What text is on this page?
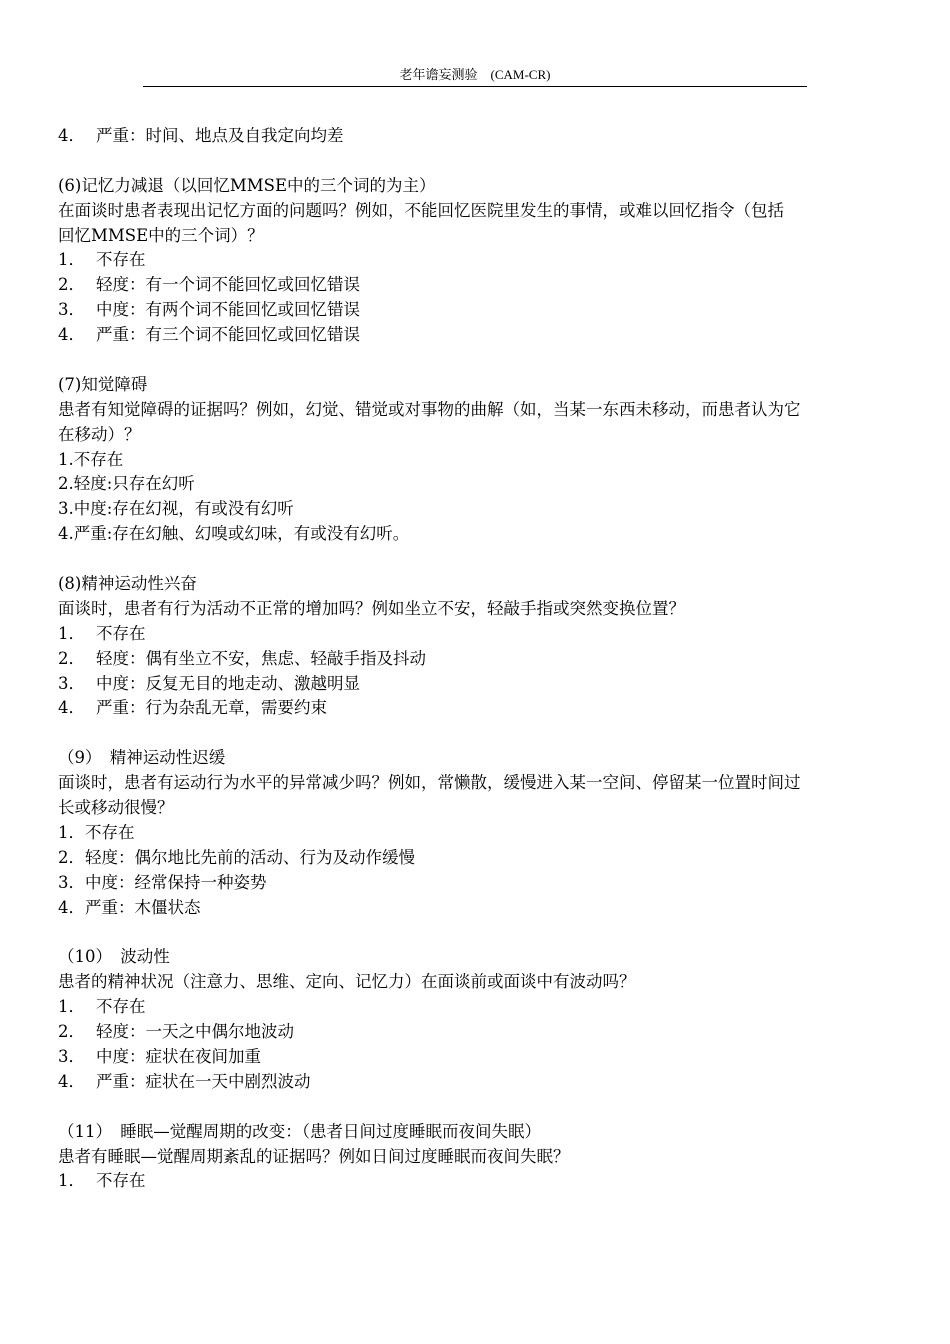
老年谵妄测验　(CAM-CR)
4． 严重：时间、地点及自我定向均差
(6)记忆力减退（以回忆MMSE中的三个词的为主）
在面谈时患者表现出记忆方面的问题吗？例如，不能回忆医院里发生的事情，或难以回忆指令（包括
回忆MMSE中的三个词）？
1． 不存在
2． 轻度：有一个词不能回忆或回忆错误
3． 中度：有两个词不能回忆或回忆错误
4． 严重：有三个词不能回忆或回忆错误
(7)知觉障碍
患者有知觉障碍的证据吗？例如，幻觉、错觉或对事物的曲解（如，当某一东西未移动，而患者认为它
在移动）？
1.不存在
2.轻度:只存在幻听
3.中度:存在幻视，有或没有幻听
4.严重:存在幻触、幻嗅或幻味，有或没有幻听。
(8)精神运动性兴奋
面谈时，患者有行为活动不正常的增加吗？例如坐立不安，轻敲手指或突然变换位置？
1． 不存在
2． 轻度：偶有坐立不安，焦虑、轻敲手指及抖动
3． 中度：反复无目的地走动、激越明显
4． 严重：行为杂乱无章，需要约束
（9）　精神运动性迟缓
面谈时，患者有运动行为水平的异常减少吗？例如，常懒散，缓慢进入某一空间、停留某一位置时间过
长或移动很慢？
1．不存在
2．轻度：偶尔地比先前的活动、行为及动作缓慢
3．中度：经常保持一种姿势
4．严重：木僵状态
（10）　波动性
患者的精神状况（注意力、思维、定向、记忆力）在面谈前或面谈中有波动吗？
1． 不存在
2． 轻度：一天之中偶尔地波动
3． 中度：症状在夜间加重
4． 严重：症状在一天中剧烈波动
（11）　睡眠—觉醒周期的改变：（患者日间过度睡眠而夜间失眠）
患者有睡眠—觉醒周期紊乱的证据吗？例如日间过度睡眠而夜间失眠？
1． 不存在
